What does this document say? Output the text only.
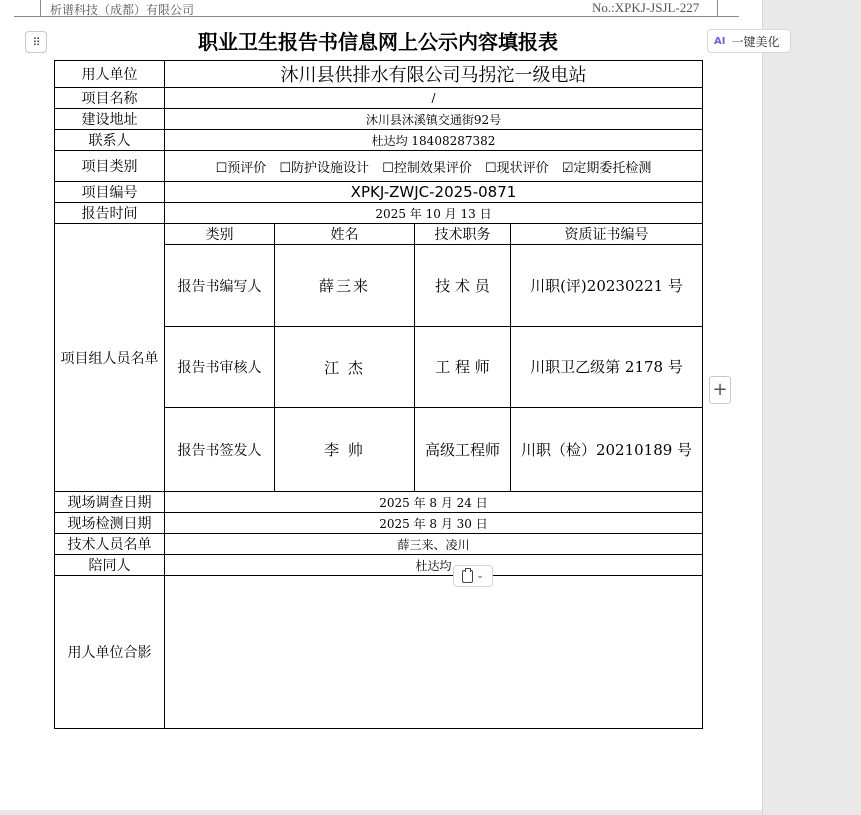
析谱科技（成都）有限公司	No.:XPKJ-JSJL-227
⠿	职业卫生报告书信息网上公示内容填报表
用人单位	沐川县供排水有限公司马拐沱一级电站			
项目名称	/			
建设地址	沐川县沐溪镇交通街92号			
联系人	杜达均 18408287382			
项目类别	☐预评价 ☐防护设施设计 ☐控制效果评价 ☐现状评价 ☑定期委托检测			
项目编号	XPKJ-ZWJC-2025-0871			
报告时间	2025 年 10 月 13 日			
项目组人员名单	类别	姓名	技术职务	资质证书编号
	报告书编写人	薛三来	技 术 员	川职(评)20230221 号
	报告书审核人	江 杰	工 程 师	川职卫乙级第 2178 号
	报告书签发人	李 帅	高级工程师	川职（检）20210189 号
现场调查日期	2025 年 8 月 24 日			
现场检测日期	2025 年 8 月 30 日			
技术人员名单	薛三来、凌川			
陪同人	杜达均			
用人单位合影				
⌄
+
AI 一键美化
